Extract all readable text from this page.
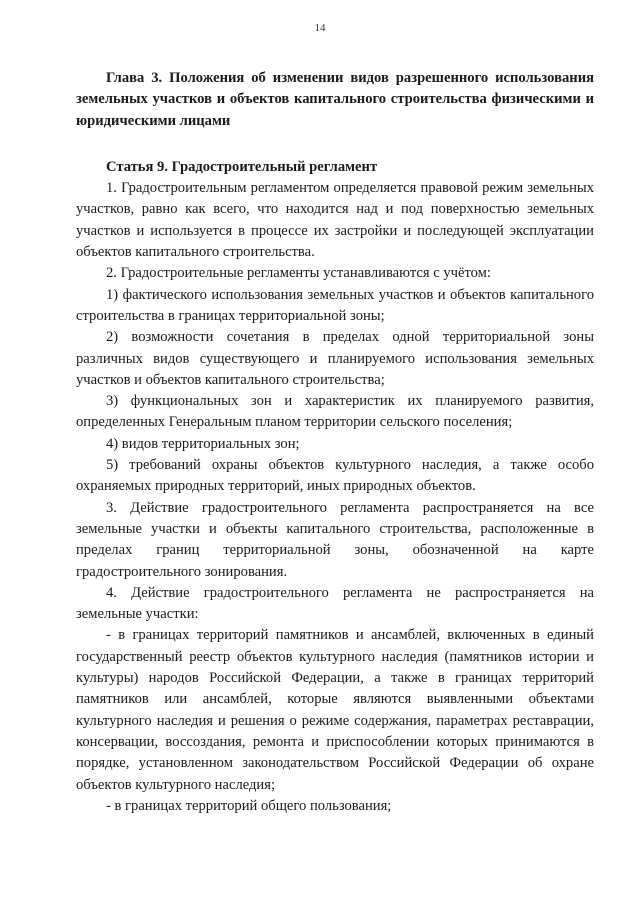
14

Глава 3. Положения об изменении видов разрешенного использования земельных участков и объектов капитального строительства физическими и юридическими лицами

Статья 9. Градостроительный регламент

1. Градостроительным регламентом определяется правовой режим земельных участков, равно как всего, что находится над и под поверхностью земельных участков и используется в процессе их застройки и последующей эксплуатации объектов капитального строительства.

2. Градостроительные регламенты устанавливаются с учётом:

1) фактического использования земельных участков и объектов капитального строительства в границах территориальной зоны;

2) возможности сочетания в пределах одной территориальной зоны различных видов существующего и планируемого использования земельных участков и объектов капитального строительства;

3) функциональных зон и характеристик их планируемого развития, определенных Генеральным планом территории сельского поселения;

4) видов территориальных зон;

5) требований охраны объектов культурного наследия, а также особо охраняемых природных территорий, иных природных объектов.

3. Действие градостроительного регламента распространяется на все земельные участки и объекты капитального строительства, расположенные в пределах границ территориальной зоны, обозначенной на карте градостроительного зонирования.

4. Действие градостроительного регламента не распространяется на земельные участки:

- в границах территорий памятников и ансамблей, включенных в единый государственный реестр объектов культурного наследия (памятников истории и культуры) народов Российской Федерации, а также в границах территорий памятников или ансамблей, которые являются выявленными объектами культурного наследия и решения о режиме содержания, параметрах реставрации, консервации, воссоздания, ремонта и приспособлении которых принимаются в порядке, установленном законодательством Российской Федерации об охране объектов культурного наследия;

- в границах территорий общего пользования;
